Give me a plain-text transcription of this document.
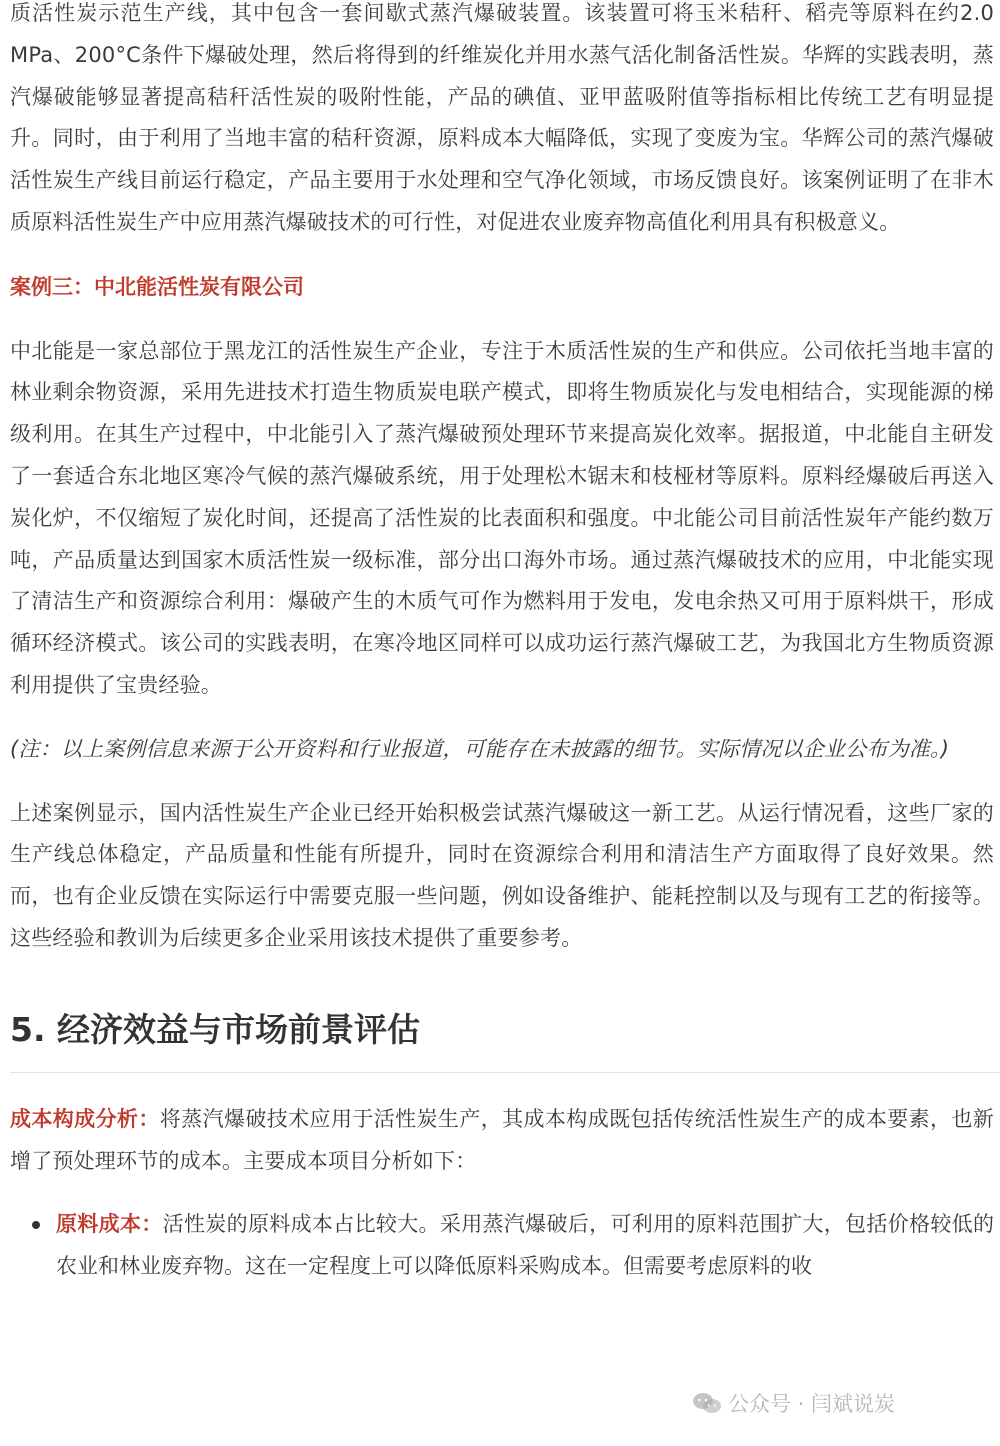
质活性炭示范生产线，其中包含一套间歇式蒸汽爆破装置。该装置可将玉米秸秆、稻壳等原料在约2.0 MPa、200°C条件下爆破处理，然后将得到的纤维炭化并用水蒸气活化制备活性炭。华辉的实践表明，蒸汽爆破能够显著提高秸秆活性炭的吸附性能，产品的碘值、亚甲蓝吸附值等指标相比传统工艺有明显提升。同时，由于利用了当地丰富的秸秆资源，原料成本大幅降低，实现了变废为宝。华辉公司的蒸汽爆破活性炭生产线目前运行稳定，产品主要用于水处理和空气净化领域，市场反馈良好。该案例证明了在非木质原料活性炭生产中应用蒸汽爆破技术的可行性，对促进农业废弃物高值化利用具有积极意义。

案例三：中北能活性炭有限公司

中北能是一家总部位于黑龙江的活性炭生产企业，专注于木质活性炭的生产和供应。公司依托当地丰富的林业剩余物资源，采用先进技术打造生物质炭电联产模式，即将生物质炭化与发电相结合，实现能源的梯级利用。在其生产过程中，中北能引入了蒸汽爆破预处理环节来提高炭化效率。据报道，中北能自主研发了一套适合东北地区寒冷气候的蒸汽爆破系统，用于处理松木锯末和枝桠材等原料。原料经爆破后再送入炭化炉，不仅缩短了炭化时间，还提高了活性炭的比表面积和强度。中北能公司目前活性炭年产能约数万吨，产品质量达到国家木质活性炭一级标准，部分出口海外市场。通过蒸汽爆破技术的应用，中北能实现了清洁生产和资源综合利用：爆破产生的木质气可作为燃料用于发电，发电余热又可用于原料烘干，形成循环经济模式。该公司的实践表明，在寒冷地区同样可以成功运行蒸汽爆破工艺，为我国北方生物质资源利用提供了宝贵经验。

(注：以上案例信息来源于公开资料和行业报道，可能存在未披露的细节。实际情况以企业公布为准。)

上述案例显示，国内活性炭生产企业已经开始积极尝试蒸汽爆破这一新工艺。从运行情况看，这些厂家的生产线总体稳定，产品质量和性能有所提升，同时在资源综合利用和清洁生产方面取得了良好效果。然而，也有企业反馈在实际运行中需要克服一些问题，例如设备维护、能耗控制以及与现有工艺的衔接等。这些经验和教训为后续更多企业采用该技术提供了重要参考。

5. 经济效益与市场前景评估

成本构成分析：将蒸汽爆破技术应用于活性炭生产，其成本构成既包括传统活性炭生产的成本要素，也新增了预处理环节的成本。主要成本项目分析如下：

原料成本：活性炭的原料成本占比较大。采用蒸汽爆破后，可利用的原料范围扩大，包括价格较低的农业和林业废弃物。这在一定程度上可以降低原料采购成本。但需要考虑原料的收
公众号 · 闫斌说炭
